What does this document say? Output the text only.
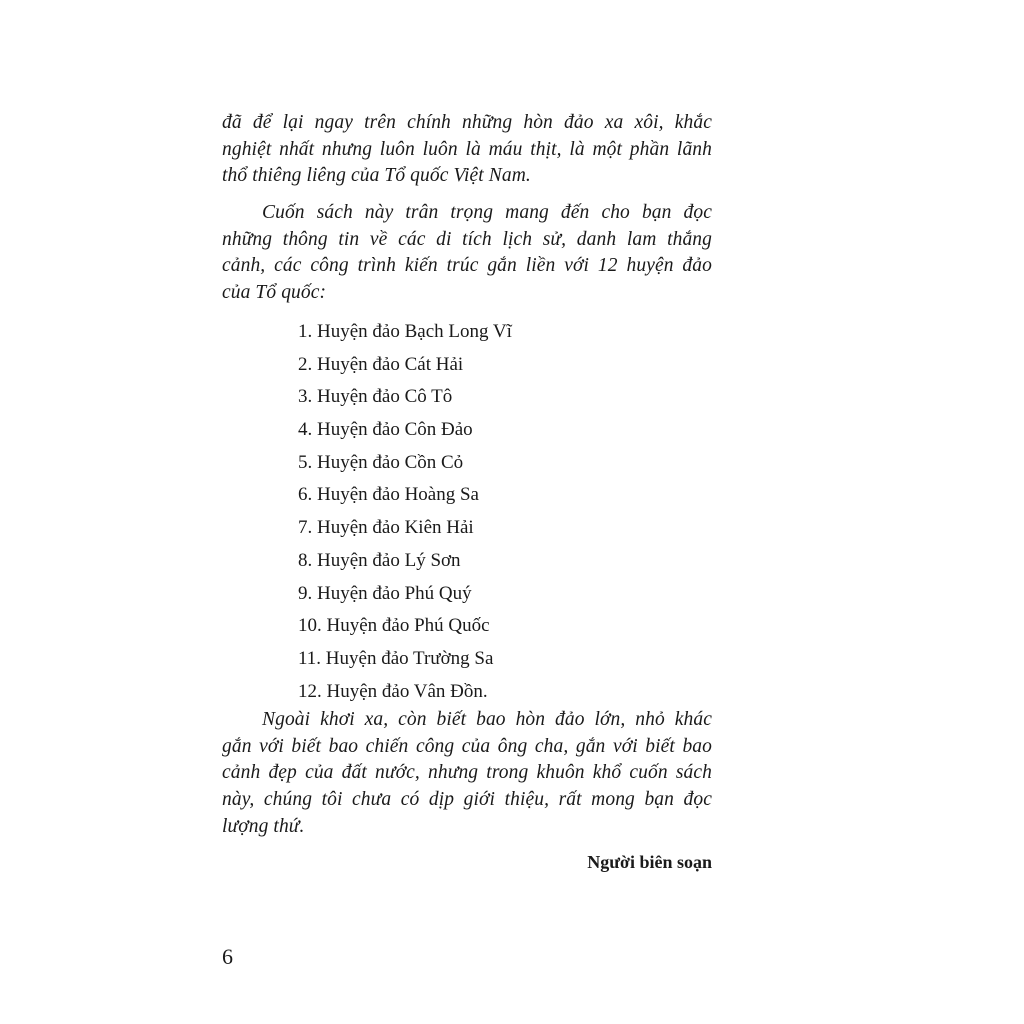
đã để lại ngay trên chính những hòn đảo xa xôi, khắc
nghiệt nhất nhưng luôn luôn là máu thịt, là một phần lãnh
thổ thiêng liêng của Tổ quốc Việt Nam.

Cuốn sách này trân trọng mang đến cho bạn đọc
những thông tin về các di tích lịch sử, danh lam thắng
cảnh, các công trình kiến trúc gắn liền với 12 huyện đảo
của Tổ quốc:

1. Huyện đảo Bạch Long Vĩ
2. Huyện đảo Cát Hải
3. Huyện đảo Cô Tô
4. Huyện đảo Côn Đảo
5. Huyện đảo Cồn Cỏ
6. Huyện đảo Hoàng Sa
7. Huyện đảo Kiên Hải
8. Huyện đảo Lý Sơn
9. Huyện đảo Phú Quý
10. Huyện đảo Phú Quốc
11. Huyện đảo Trường Sa
12. Huyện đảo Vân Đồn.

Ngoài khơi xa, còn biết bao hòn đảo lớn, nhỏ khác
gắn với biết bao chiến công của ông cha, gắn với biết bao
cảnh đẹp của đất nước, nhưng trong khuôn khổ cuốn sách
này, chúng tôi chưa có dịp giới thiệu, rất mong bạn đọc
lượng thứ.

Người biên soạn
6
